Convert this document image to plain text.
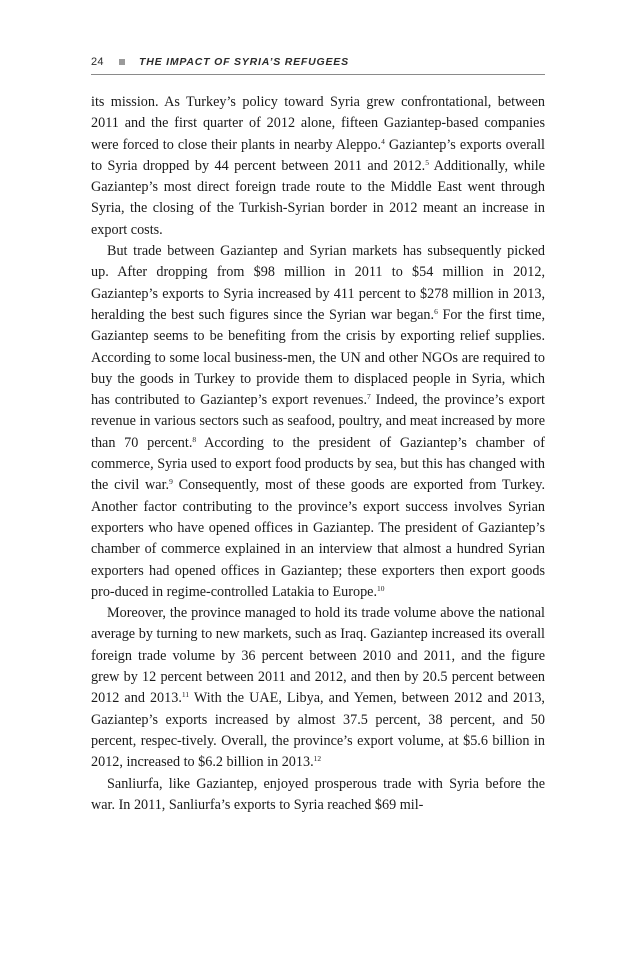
24	THE IMPACT OF SYRIA’S REFUGEES

its mission. As Turkey’s policy toward Syria grew confrontational, between 2011 and the first quarter of 2012 alone, fifteen Gaziantep-based companies were forced to close their plants in nearby Aleppo.$^4$ Gaziantep’s exports overall to Syria dropped by 44 percent between 2011 and 2012.$^5$ Additionally, while Gaziantep’s most direct foreign trade route to the Middle East went through Syria, the closing of the Turkish-Syrian border in 2012 meant an increase in export costs.

But trade between Gaziantep and Syrian markets has subsequently picked up. After dropping from $98 million in 2011 to $54 million in 2012, Gaziantep’s exports to Syria increased by 411 percent to $278 million in 2013, heralding the best such figures since the Syrian war began.$^6$ For the first time, Gaziantep seems to be benefiting from the crisis by exporting relief supplies. According to some local business-men, the UN and other NGOs are required to buy the goods in Turkey to provide them to displaced people in Syria, which has contributed to Gaziantep’s export revenues.$^7$ Indeed, the province’s export revenue in various sectors such as seafood, poultry, and meat increased by more than 70 percent.$^8$ According to the president of Gaziantep’s chamber of commerce, Syria used to export food products by sea, but this has changed with the civil war.$^9$ Consequently, most of these goods are exported from Turkey. Another factor contributing to the province’s export success involves Syrian exporters who have opened offices in Gaziantep. The president of Gaziantep’s chamber of commerce explained in an interview that almost a hundred Syrian exporters had opened offices in Gaziantep; these exporters then export goods pro-duced in regime-controlled Latakia to Europe.$^{10}$

Moreover, the province managed to hold its trade volume above the national average by turning to new markets, such as Iraq. Gaziantep increased its overall foreign trade volume by 36 percent between 2010 and 2011, and the figure grew by 12 percent between 2011 and 2012, and then by 20.5 percent between 2012 and 2013.11 With the UAE, Libya, and Yemen, between 2012 and 2013, Gaziantep’s exports increased by almost 37.5 percent, 38 percent, and 50 percent, respec-tively. Overall, the province’s export volume, at $5.6 billion in 2012, increased to $6.2 billion in 2013.12

Sanliurfa, like Gaziantep, enjoyed prosperous trade with Syria before the war. In 2011, Sanliurfa’s exports to Syria reached $69 mil-
